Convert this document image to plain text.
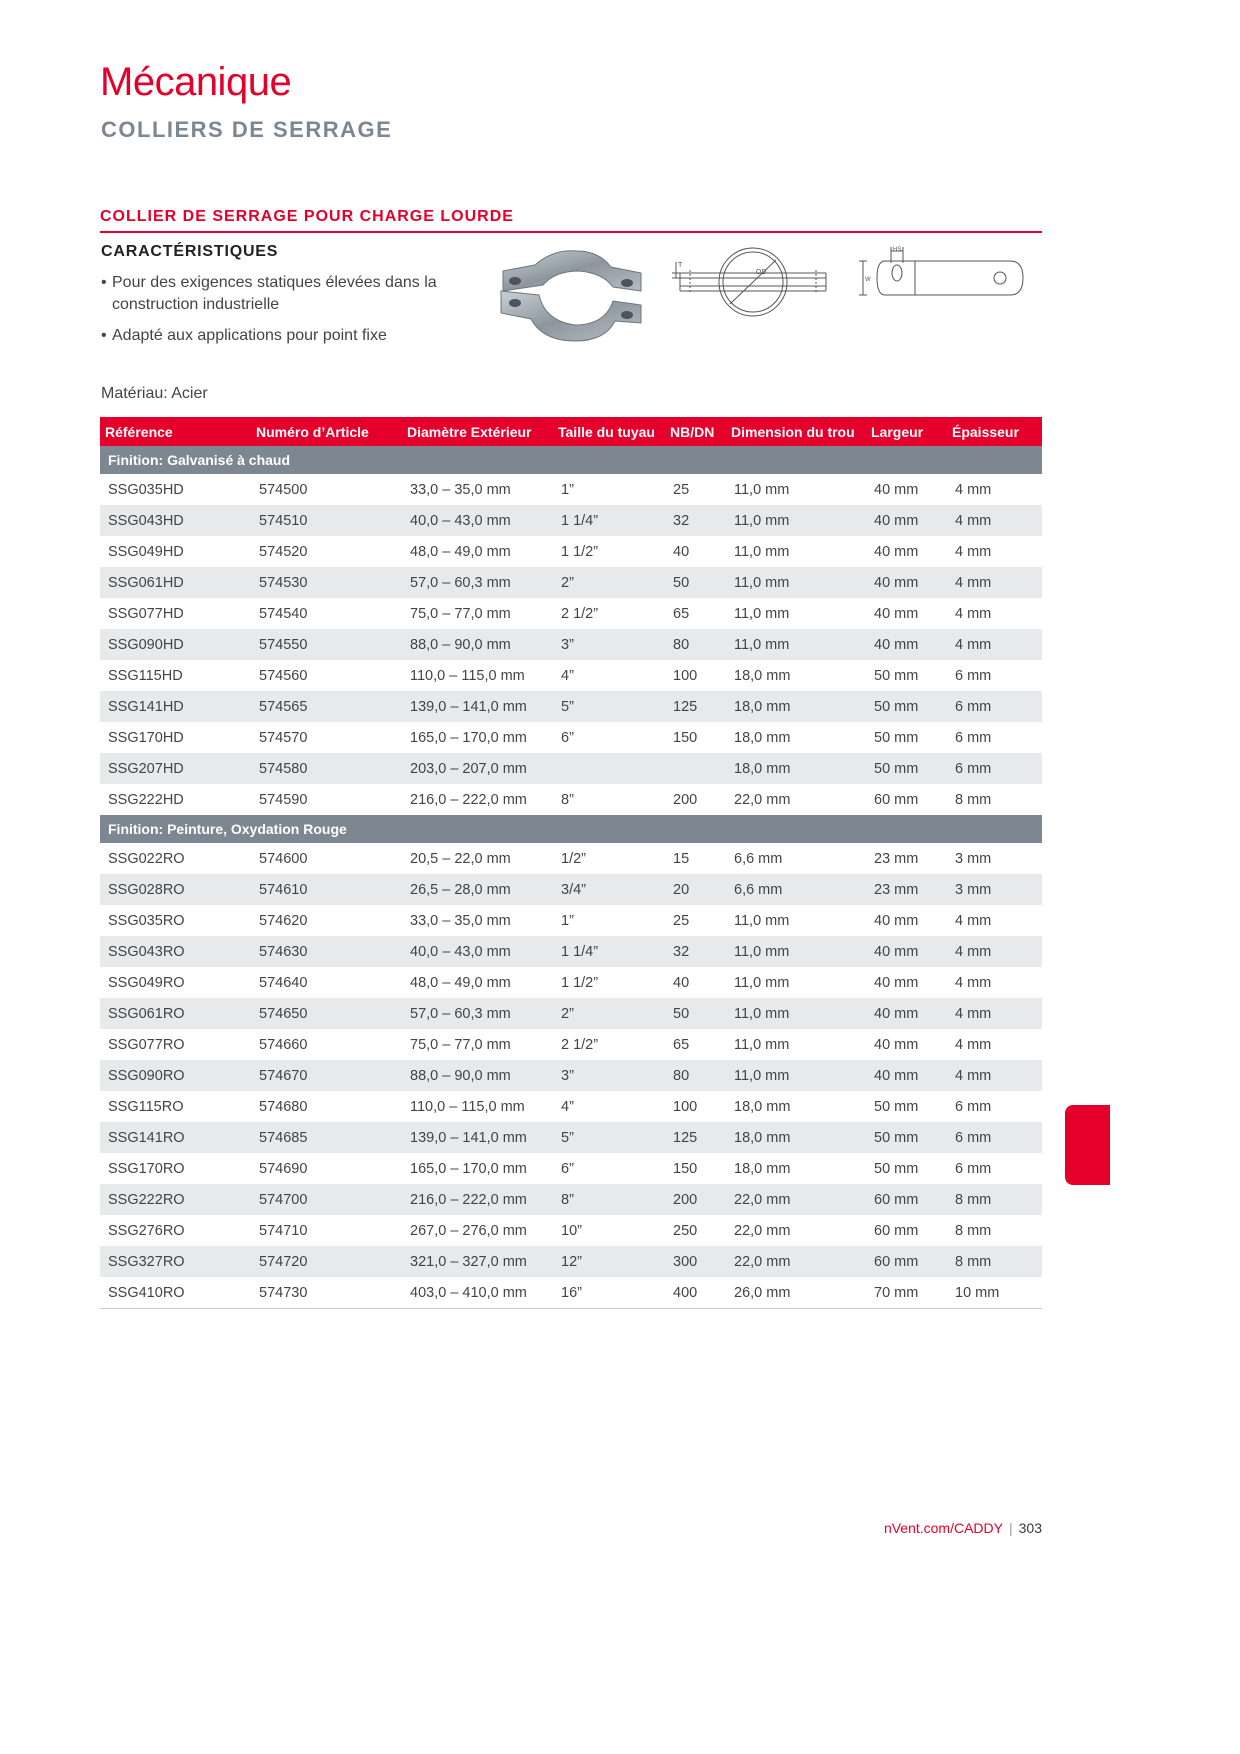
Mécanique
COLLIERS DE SERRAGE
COLLIER DE SERRAGE POUR CHARGE LOURDE
CARACTÉRISTIQUES
• Pour des exigences statiques élevées dans la construction industrielle
• Adapté aux applications pour point fixe
Matériau: Acier
OD
T
HS
W
Référence	Numéro d’Article	Diamètre Extérieur	Taille du tuyau	NB/DN	Dimension du trou	Largeur	Épaisseur
Finition: Galvanisé à chaud							
SSG035HD	574500	33,0 – 35,0 mm	1”	25	11,0 mm	40 mm	4 mm
SSG043HD	574510	40,0 – 43,0 mm	1 1/4”	32	11,0 mm	40 mm	4 mm
SSG049HD	574520	48,0 – 49,0 mm	1 1/2”	40	11,0 mm	40 mm	4 mm
SSG061HD	574530	57,0 – 60,3 mm	2”	50	11,0 mm	40 mm	4 mm
SSG077HD	574540	75,0 – 77,0 mm	2 1/2”	65	11,0 mm	40 mm	4 mm
SSG090HD	574550	88,0 – 90,0 mm	3”	80	11,0 mm	40 mm	4 mm
SSG115HD	574560	110,0 – 115,0 mm	4”	100	18,0 mm	50 mm	6 mm
SSG141HD	574565	139,0 – 141,0 mm	5”	125	18,0 mm	50 mm	6 mm
SSG170HD	574570	165,0 – 170,0 mm	6”	150	18,0 mm	50 mm	6 mm
SSG207HD	574580	203,0 – 207,0 mm			18,0 mm	50 mm	6 mm
SSG222HD	574590	216,0 – 222,0 mm	8”	200	22,0 mm	60 mm	8 mm
Finition: Peinture, Oxydation Rouge							
SSG022RO	574600	20,5 – 22,0 mm	1/2”	15	6,6 mm	23 mm	3 mm
SSG028RO	574610	26,5 – 28,0 mm	3/4”	20	6,6 mm	23 mm	3 mm
SSG035RO	574620	33,0 – 35,0 mm	1”	25	11,0 mm	40 mm	4 mm
SSG043RO	574630	40,0 – 43,0 mm	1 1/4”	32	11,0 mm	40 mm	4 mm
SSG049RO	574640	48,0 – 49,0 mm	1 1/2”	40	11,0 mm	40 mm	4 mm
SSG061RO	574650	57,0 – 60,3 mm	2”	50	11,0 mm	40 mm	4 mm
SSG077RO	574660	75,0 – 77,0 mm	2 1/2”	65	11,0 mm	40 mm	4 mm
SSG090RO	574670	88,0 – 90,0 mm	3”	80	11,0 mm	40 mm	4 mm
SSG115RO	574680	110,0 – 115,0 mm	4”	100	18,0 mm	50 mm	6 mm
SSG141RO	574685	139,0 – 141,0 mm	5”	125	18,0 mm	50 mm	6 mm
SSG170RO	574690	165,0 – 170,0 mm	6”	150	18,0 mm	50 mm	6 mm
SSG222RO	574700	216,0 – 222,0 mm	8”	200	22,0 mm	60 mm	8 mm
SSG276RO	574710	267,0 – 276,0 mm	10”	250	22,0 mm	60 mm	8 mm
SSG327RO	574720	321,0 – 327,0 mm	12”	300	22,0 mm	60 mm	8 mm
SSG410RO	574730	403,0 – 410,0 mm	16”	400	26,0 mm	70 mm	10 mm
nVent.com/CADDY | 303
